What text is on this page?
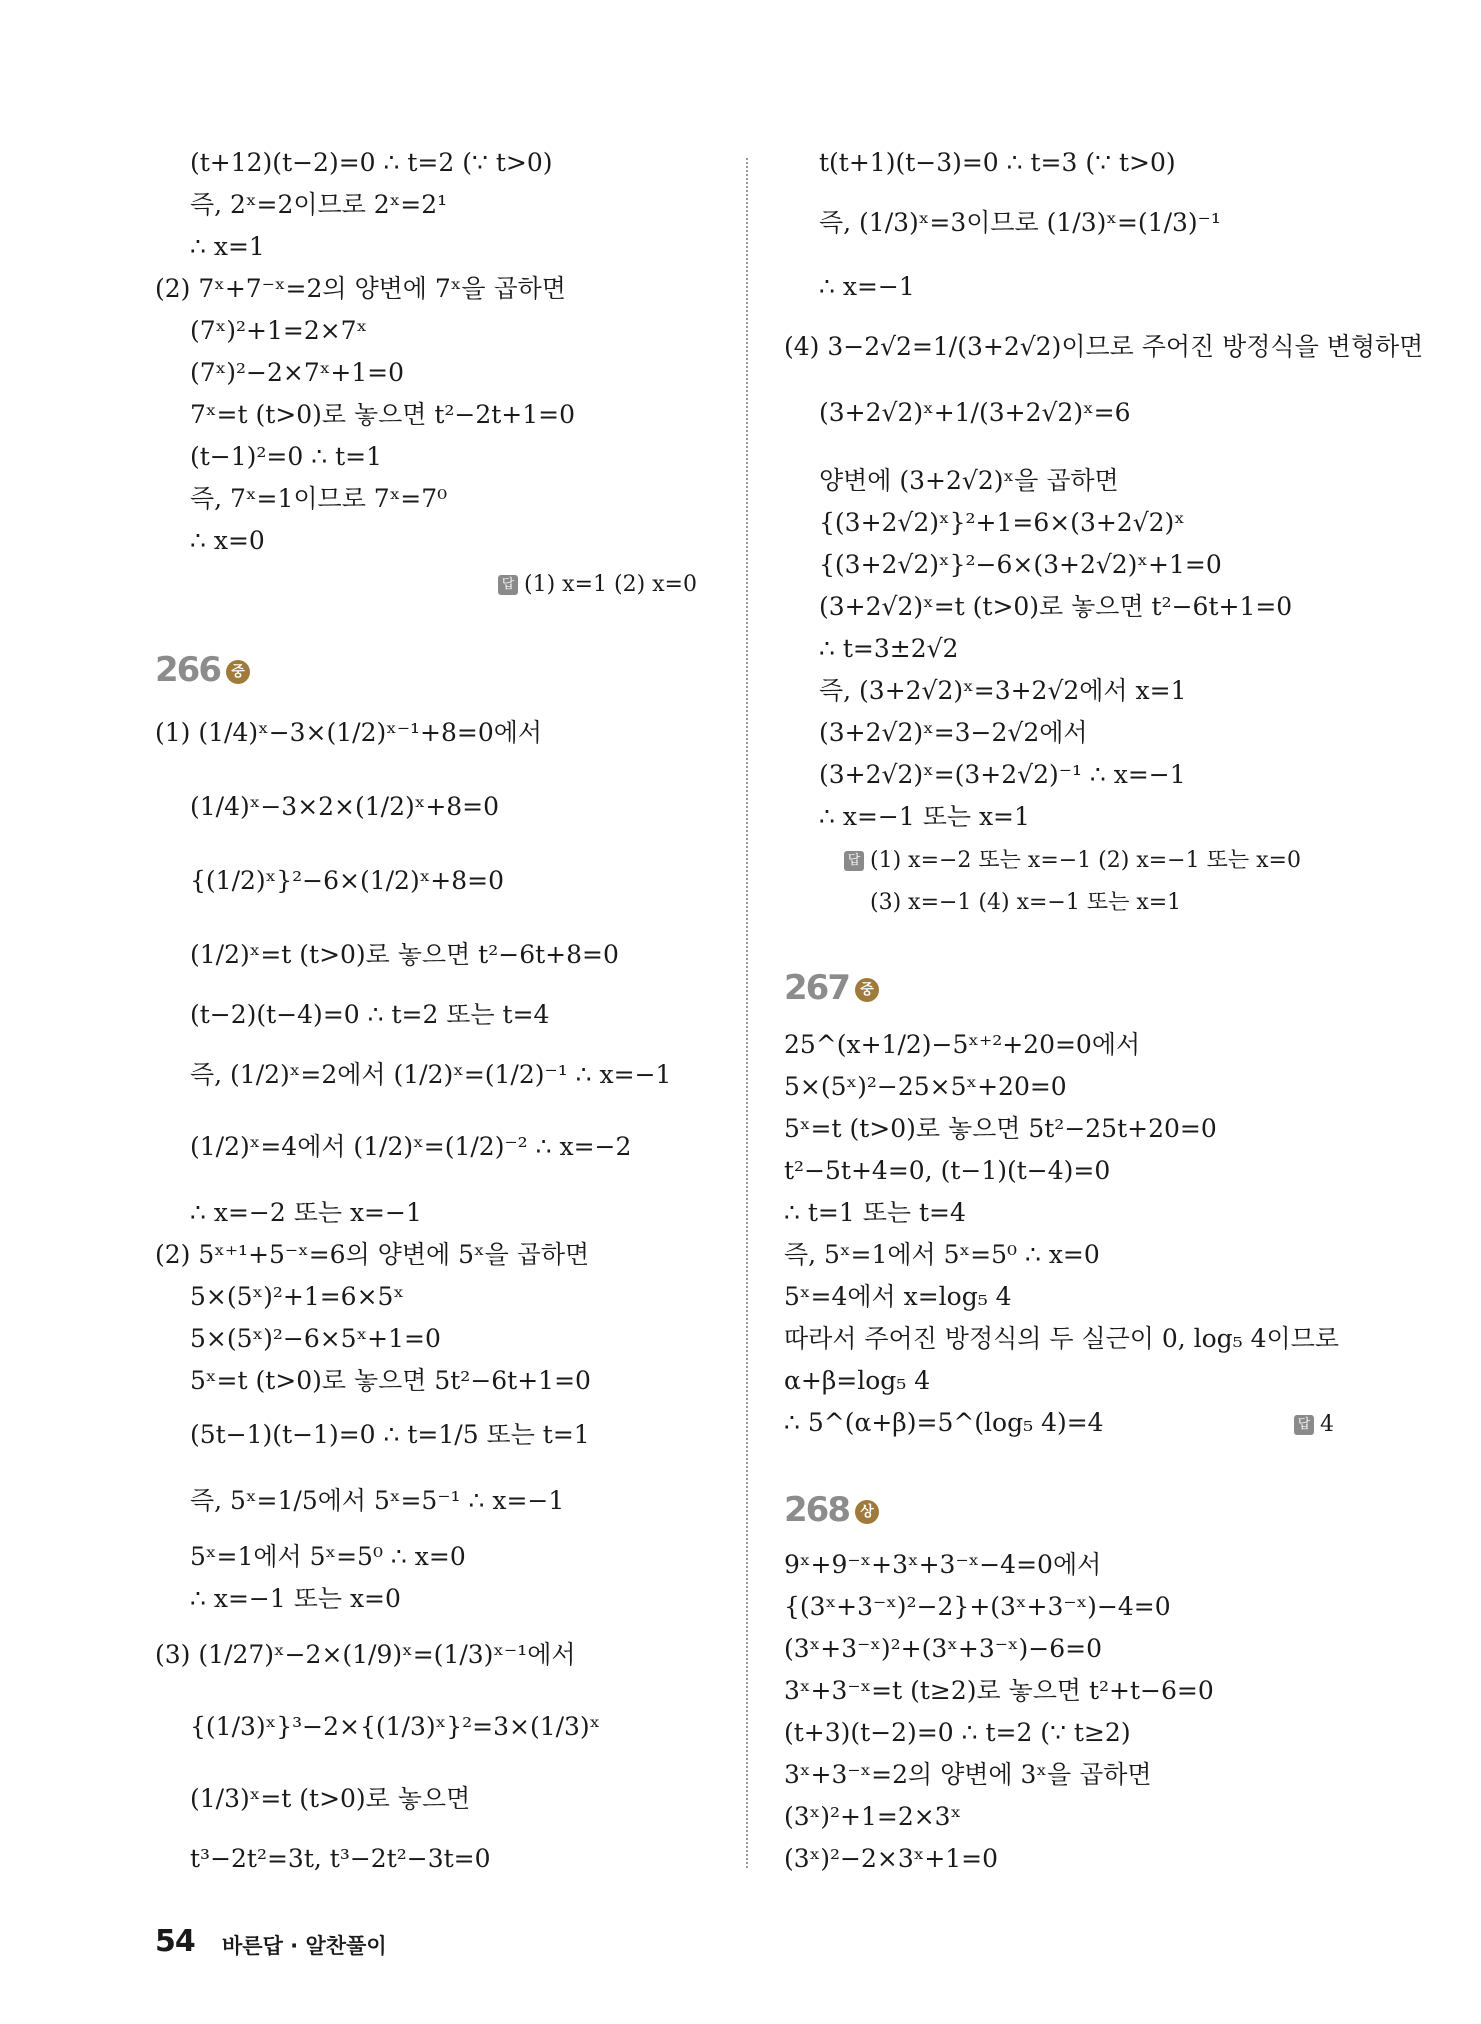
(t+12)(t−2)=0 ∴ t=2 (∵ t>0)
즉, 2ˣ=2이므로 2ˣ=2¹
∴ x=1
(2) 7ˣ+7⁻ˣ=2의 양변에 7ˣ을 곱하면
(7ˣ)²+1=2×7ˣ
(7ˣ)²−2×7ˣ+1=0
7ˣ=t (t>0)로 놓으면 t²−2t+1=0
(t−1)²=0 ∴ t=1
즉, 7ˣ=1이므로 7ˣ=7⁰
∴ x=0
답 (1) x=1 (2) x=0
266 중
(1) (1/4)ˣ−3×(1/2)ˣ⁻¹+8=0에서
(1/4)ˣ−3×2×(1/2)ˣ+8=0
{(1/2)ˣ}²−6×(1/2)ˣ+8=0
(1/2)ˣ=t (t>0)로 놓으면 t²−6t+8=0
(t−2)(t−4)=0 ∴ t=2 또는 t=4
즉, (1/2)ˣ=2에서 (1/2)ˣ=(1/2)⁻¹ ∴ x=−1
(1/2)ˣ=4에서 (1/2)ˣ=(1/2)⁻² ∴ x=−2
∴ x=−2 또는 x=−1
(2) 5ˣ⁺¹+5⁻ˣ=6의 양변에 5ˣ을 곱하면
5×(5ˣ)²+1=6×5ˣ
5×(5ˣ)²−6×5ˣ+1=0
5ˣ=t (t>0)로 놓으면 5t²−6t+1=0
(5t−1)(t−1)=0 ∴ t=1/5 또는 t=1
즉, 5ˣ=1/5에서 5ˣ=5⁻¹ ∴ x=−1
5ˣ=1에서 5ˣ=5⁰ ∴ x=0
∴ x=−1 또는 x=0
(3) (1/27)ˣ−2×(1/9)ˣ=(1/3)ˣ⁻¹에서
{(1/3)ˣ}³−2×{(1/3)ˣ}²=3×(1/3)ˣ
(1/3)ˣ=t (t>0)로 놓으면
t³−2t²=3t, t³−2t²−3t=0
t(t+1)(t−3)=0 ∴ t=3 (∵ t>0)
즉, (1/3)ˣ=3이므로 (1/3)ˣ=(1/3)⁻¹
∴ x=−1
(4) 3−2√2=1/(3+2√2)이므로 주어진 방정식을 변형하면
(3+2√2)ˣ+1/(3+2√2)ˣ=6
양변에 (3+2√2)ˣ을 곱하면
{(3+2√2)ˣ}²+1=6×(3+2√2)ˣ
{(3+2√2)ˣ}²−6×(3+2√2)ˣ+1=0
(3+2√2)ˣ=t (t>0)로 놓으면 t²−6t+1=0
∴ t=3±2√2
즉, (3+2√2)ˣ=3+2√2에서 x=1
(3+2√2)ˣ=3−2√2에서
(3+2√2)ˣ=(3+2√2)⁻¹ ∴ x=−1
∴ x=−1 또는 x=1
답 (1) x=−2 또는 x=−1 (2) x=−1 또는 x=0
(3) x=−1 (4) x=−1 또는 x=1
267 중
25^(x+1/2)−5ˣ⁺²+20=0에서
5×(5ˣ)²−25×5ˣ+20=0
5ˣ=t (t>0)로 놓으면 5t²−25t+20=0
t²−5t+4=0, (t−1)(t−4)=0
∴ t=1 또는 t=4
즉, 5ˣ=1에서 5ˣ=5⁰ ∴ x=0
5ˣ=4에서 x=log₅ 4
따라서 주어진 방정식의 두 실근이 0, log₅ 4이므로
α+β=log₅ 4
∴ 5^(α+β)=5^(log₅ 4)=4	답 4
268 상
9ˣ+9⁻ˣ+3ˣ+3⁻ˣ−4=0에서
{(3ˣ+3⁻ˣ)²−2}+(3ˣ+3⁻ˣ)−4=0
(3ˣ+3⁻ˣ)²+(3ˣ+3⁻ˣ)−6=0
3ˣ+3⁻ˣ=t (t≥2)로 놓으면 t²+t−6=0
(t+3)(t−2)=0 ∴ t=2 (∵ t≥2)
3ˣ+3⁻ˣ=2의 양변에 3ˣ을 곱하면
(3ˣ)²+1=2×3ˣ
(3ˣ)²−2×3ˣ+1=0
54 바른답 · 알찬풀이
